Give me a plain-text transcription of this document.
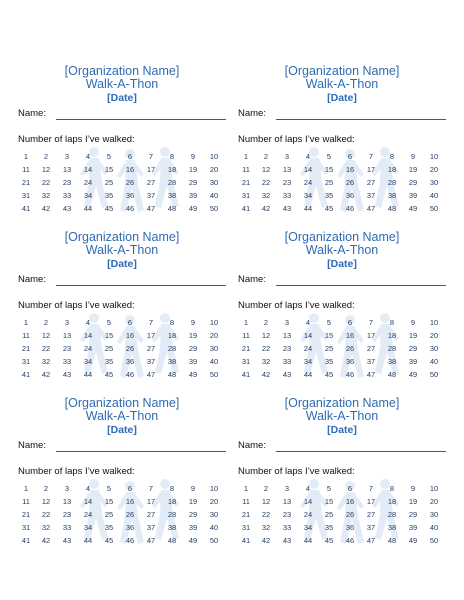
[Organization Name]
Walk-A-Thon
[Date]
Name:
Number of laps I’ve walked:
1	2	3	4	5	6	7	8	9	10
11	12	13	14	15	16	17	18	19	20
21	22	23	24	25	26	27	28	29	30
31	32	33	34	35	36	37	38	39	40
41	42	43	44	45	46	47	48	49	50
[Organization Name]
Walk-A-Thon
[Date]
Name:
Number of laps I’ve walked:
1	2	3	4	5	6	7	8	9	10
11	12	13	14	15	16	17	18	19	20
21	22	23	24	25	26	27	28	29	30
31	32	33	34	35	36	37	38	39	40
41	42	43	44	45	46	47	48	49	50
[Organization Name]
Walk-A-Thon
[Date]
Name:
Number of laps I’ve walked:
1	2	3	4	5	6	7	8	9	10
11	12	13	14	15	16	17	18	19	20
21	22	23	24	25	26	27	28	29	30
31	32	33	34	35	36	37	38	39	40
41	42	43	44	45	46	47	48	49	50
[Organization Name]
Walk-A-Thon
[Date]
Name:
Number of laps I’ve walked:
1	2	3	4	5	6	7	8	9	10
11	12	13	14	15	16	17	18	19	20
21	22	23	24	25	26	27	28	29	30
31	32	33	34	35	36	37	38	39	40
41	42	43	44	45	46	47	48	49	50
[Organization Name]
Walk-A-Thon
[Date]
Name:
Number of laps I’ve walked:
1	2	3	4	5	6	7	8	9	10
11	12	13	14	15	16	17	18	19	20
21	22	23	24	25	26	27	28	29	30
31	32	33	34	35	36	37	38	39	40
41	42	43	44	45	46	47	48	49	50
[Organization Name]
Walk-A-Thon
[Date]
Name:
Number of laps I’ve walked:
1	2	3	4	5	6	7	8	9	10
11	12	13	14	15	16	17	18	19	20
21	22	23	24	25	26	27	28	29	30
31	32	33	34	35	36	37	38	39	40
41	42	43	44	45	46	47	48	49	50
